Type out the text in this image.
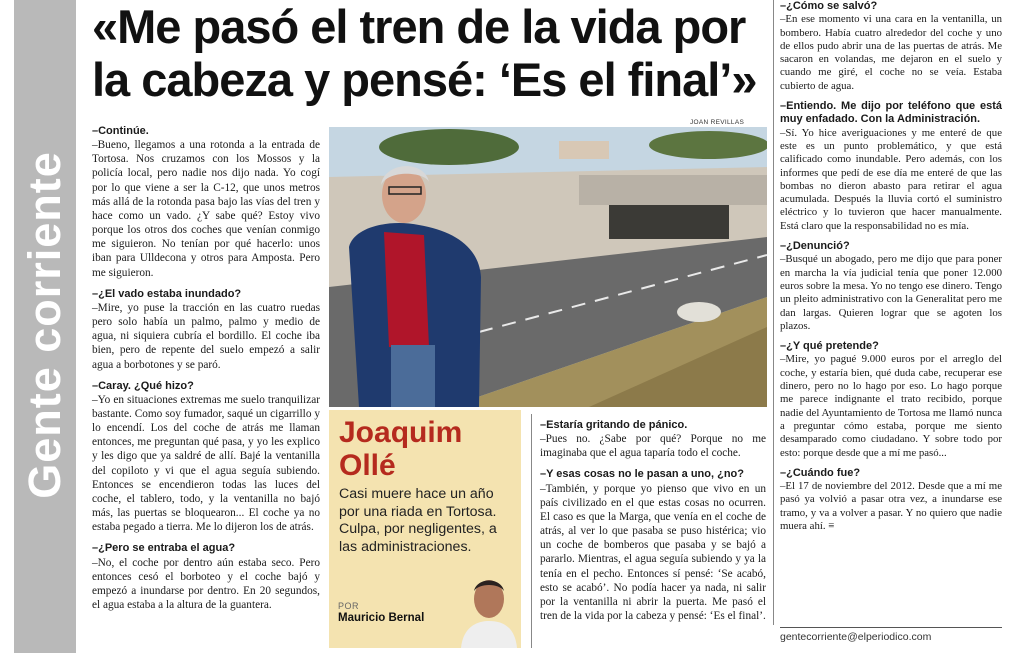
Gente corriente
«Me pasó el tren de la vida por la cabeza y pensé: ‘Es el final’»
JOAN REVILLAS
Joaquim Ollé
Casi muere hace un año por una riada en Tortosa. Culpa, por negligentes, a las administraciones.
POR
Mauricio Bernal

–Continúe.
–Bueno, llegamos a una rotonda a la entrada de Tortosa. Nos cruzamos con los Mossos y la policía local, pero nadie nos dijo nada. Yo cogí por lo que viene a ser la C-12, que unos metros más allá de la rotonda pasa bajo las vías del tren y hace como un vado. ¿Y sabe qué? Estoy vivo porque los otros dos coches que venían conmigo me siguieron. No tenían por qué hacerlo: unos iban para Ulldecona y otros para Amposta. Pero me siguieron.

–¿El vado estaba inundado?
–Mire, yo puse la tracción en las cuatro ruedas pero solo había un palmo, palmo y medio de agua, ni siquiera cubría el bordillo. El coche iba bien, pero de repente del suelo empezó a salir agua a borbotones y se paró.

–Caray. ¿Qué hizo?
–Yo en situaciones extremas me suelo tranquilizar bastante. Como soy fumador, saqué un cigarrillo y lo encendí. Los del coche de atrás me llaman entonces, me preguntan qué pasa, y yo les explico y les digo que ya saldré de allí. Bajé la ventanilla del copiloto y vi que el agua seguía subiendo. Entonces se encendieron todas las luces del coche, el tablero, todo, y la ventanilla no bajó más, las puertas se bloquearon... El coche ya no estaba pegado a tierra. Me lo dijeron los de atrás.

–¿Pero se entraba el agua?
–No, el coche por dentro aún estaba seco. Pero entonces cesó el borboteo y el coche bajó y empezó a inundarse por dentro. En 20 segundos, el agua estaba a la altura de la guantera.

–Estaría gritando de pánico.
–Pues no. ¿Sabe por qué? Porque no me imaginaba que el agua taparía todo el coche.

–Y esas cosas no le pasan a uno, ¿no?
–También, y porque yo pienso que vivo en un país civilizado en el que estas cosas no ocurren. El caso es que la Marga, que venía en el coche de atrás, al ver lo que pasaba se puso histérica; vio un coche de bomberos que pasaba y se bajó a pararlo. Mientras, el agua seguía subiendo y ya la tenía en el pecho. Entonces sí pensé: ‘Se acabó, esto se acabó’. No podía hacer ya nada, ni salir por la ventanilla ni abrir la puerta. Me pasó el tren de la vida por la cabeza y pensé: ‘Es el final’.

–¿Cómo se salvó?
–En ese momento vi una cara en la ventanilla, un bombero. Había cuatro alrededor del coche y uno de ellos pudo abrir una de las puertas de atrás. Me sacaron en volandas, me dejaron en el suelo y cuando me giré, el coche no se veía. Estaba cubierto de agua.

–Entiendo. Me dijo por teléfono que está muy enfadado. Con la Administración.
–Sí. Yo hice averiguaciones y me enteré de que este es un punto problemático, y que está calificado como inundable. Pero además, con los informes que pedí de ese día me enteré de que las bombas no dieron abasto para retirar el agua acumulada. Después la lluvia cortó el suministro eléctrico y lo tuvieron que hacer manualmente. Está claro que la responsabilidad no es mía.

–¿Denunció?
–Busqué un abogado, pero me dijo que para poner en marcha la vía judicial tenía que poner 12.000 euros sobre la mesa. Yo no tengo ese dinero. Tengo un pleito administrativo con la Generalitat pero me dan largas. Quieren lograr que se agoten los plazos.

–¿Y qué pretende?
–Mire, yo pagué 9.000 euros por el arreglo del coche, y estaría bien, qué duda cabe, recuperar ese dinero, pero no lo hago por eso. Lo hago porque me parece indignante el trato recibido, porque nadie del Ayuntamiento de Tortosa me llamó nunca a preguntar cómo estaba, porque me siento desamparado como ciudadano. Y sobre todo por esto: porque desde que a mí me pasó...

–¿Cuándo fue?
–El 17 de noviembre del 2012. Desde que a mí me pasó ya volvió a pasar otra vez, a inundarse ese tramo, y va a volver a pasar. Y no quiero que nadie muera ahí. ≡

gentecorriente@elperiodico.com
